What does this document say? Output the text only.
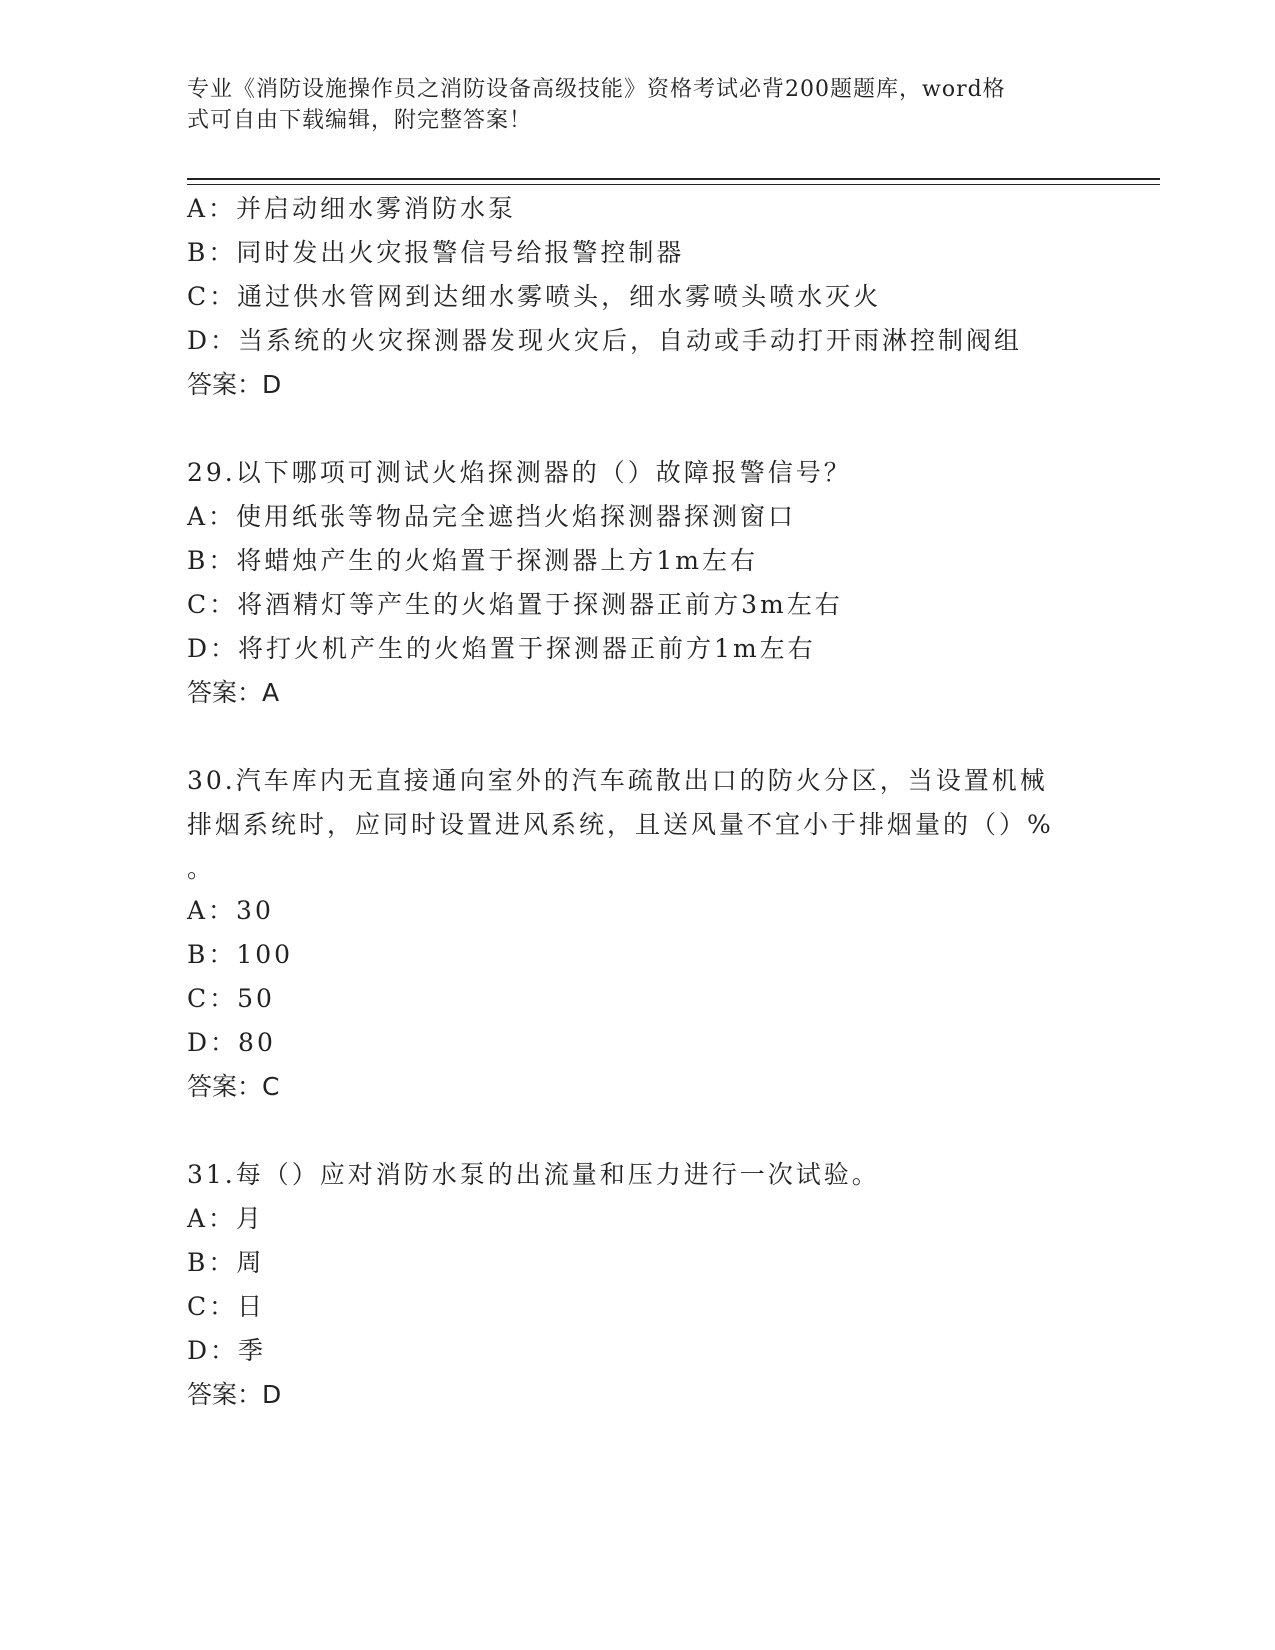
专业《消防设施操作员之消防设备高级技能》资格考试必背200题题库，word格
式可自由下载编辑，附完整答案！
A：并启动细水雾消防水泵
B：同时发出火灾报警信号给报警控制器
C：通过供水管网到达细水雾喷头，细水雾喷头喷水灭火
D：当系统的火灾探测器发现火灾后，自动或手动打开雨淋控制阀组
答案：D
29.以下哪项可测试火焰探测器的（）故障报警信号？
A：使用纸张等物品完全遮挡火焰探测器探测窗口
B：将蜡烛产生的火焰置于探测器上方1m左右
C：将酒精灯等产生的火焰置于探测器正前方3m左右
D：将打火机产生的火焰置于探测器正前方1m左右
答案：A
30.汽车库内无直接通向室外的汽车疏散出口的防火分区，当设置机械
排烟系统时，应同时设置进风系统，且送风量不宜小于排烟量的（）%
。
A：30
B：100
C：50
D：80
答案：C
31.每（）应对消防水泵的出流量和压力进行一次试验。
A：月
B：周
C：日
D：季
答案：D
